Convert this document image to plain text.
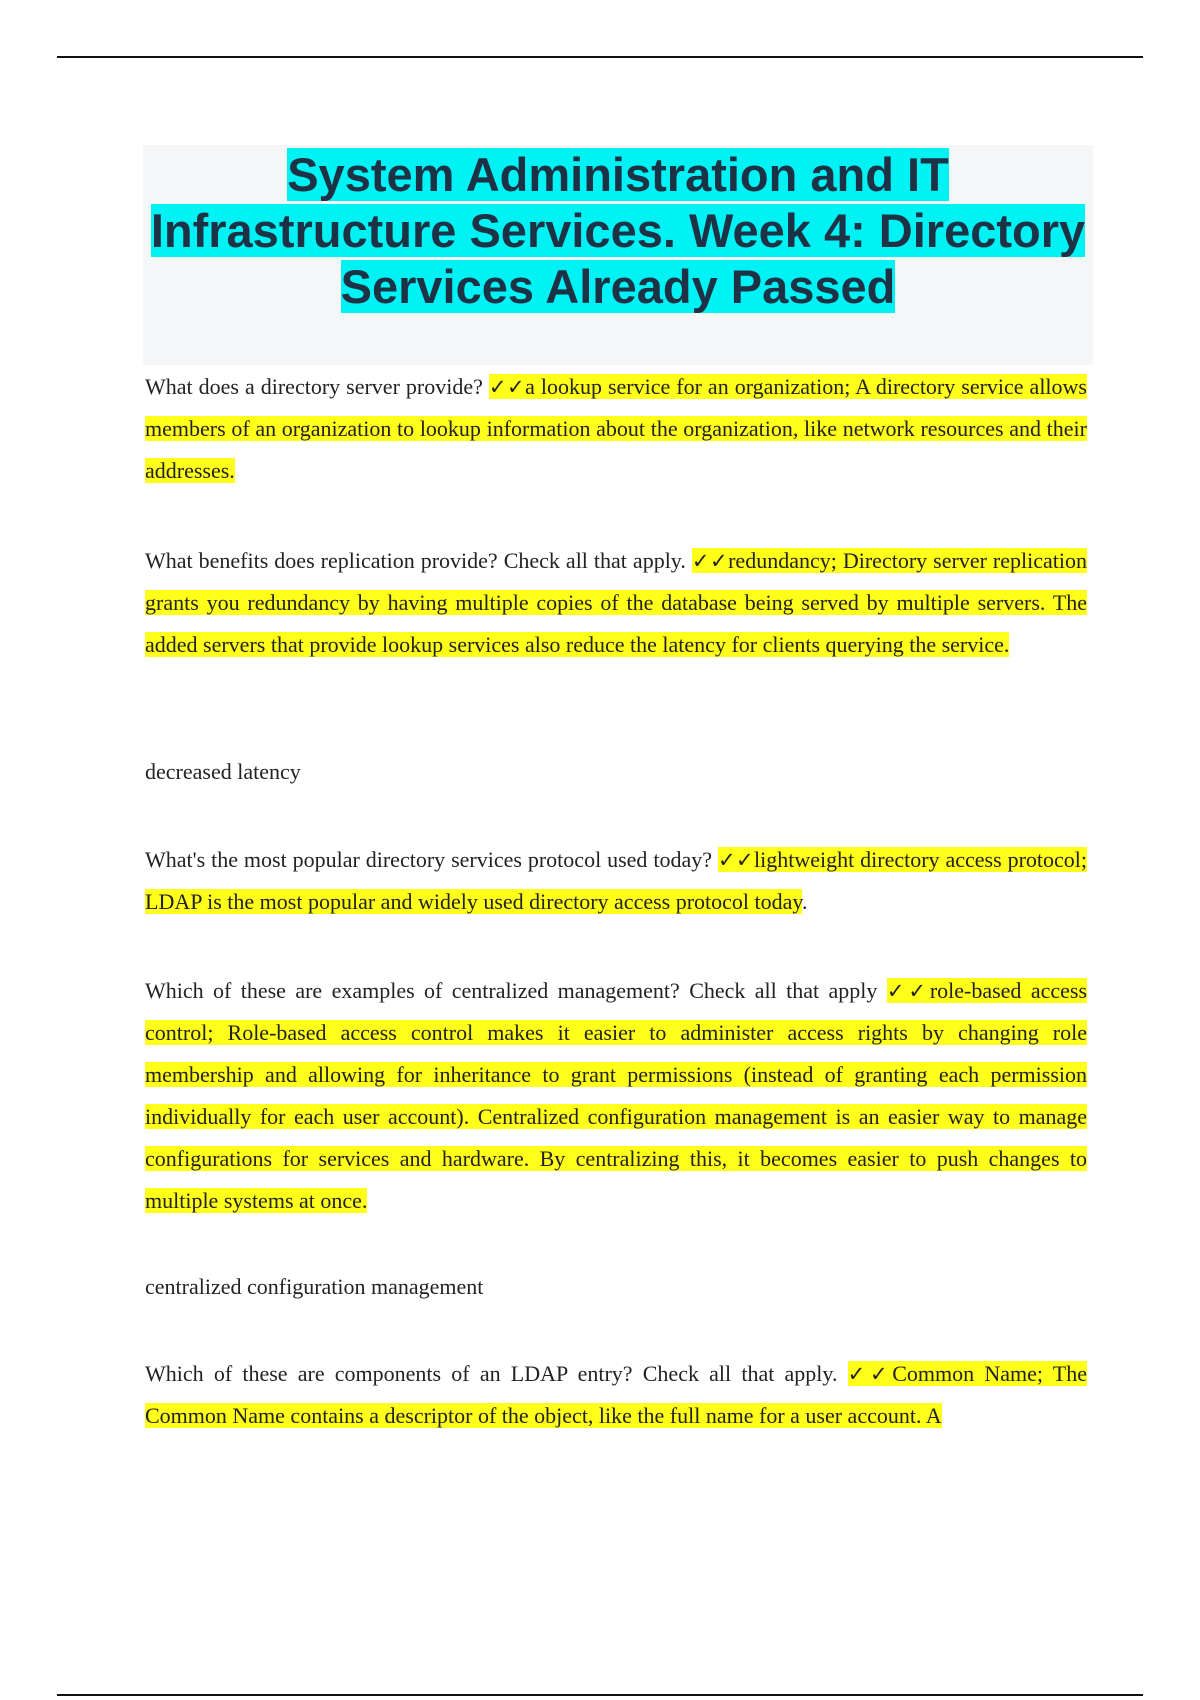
System Administration and IT Infrastructure Services. Week 4: Directory Services Already Passed

What does a directory server provide? ✓✓a lookup service for an organization; A directory service allows members of an organization to lookup information about the organization, like network resources and their addresses.

What benefits does replication provide? Check all that apply. ✓✓redundancy; Directory server replication grants you redundancy by having multiple copies of the database being served by multiple servers. The added servers that provide lookup services also reduce the latency for clients querying the service.

decreased latency

What's the most popular directory services protocol used today? ✓✓lightweight directory access protocol; LDAP is the most popular and widely used directory access protocol today.

Which of these are examples of centralized management? Check all that apply ✓✓role-based access control; Role-based access control makes it easier to administer access rights by changing role membership and allowing for inheritance to grant permissions (instead of granting each permission individually for each user account). Centralized configuration management is an easier way to manage configurations for services and hardware. By centralizing this, it becomes easier to push changes to multiple systems at once.

centralized configuration management

Which of these are components of an LDAP entry? Check all that apply. ✓✓Common Name; The Common Name contains a descriptor of the object, like the full name for a user account. A
